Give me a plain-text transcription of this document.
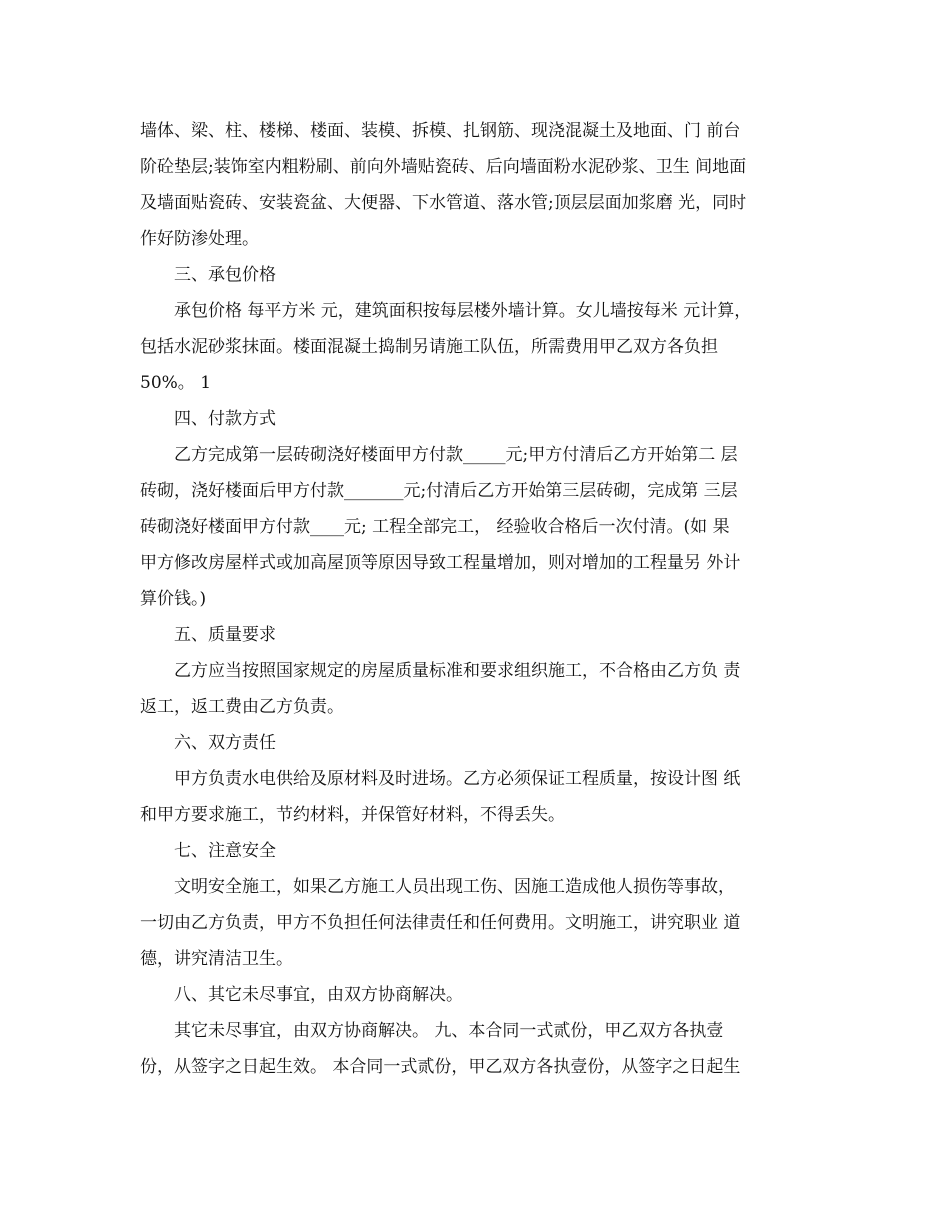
墙体、梁、柱、楼梯、楼面、装模、拆模、扎钢筋、现浇混凝土及地面、门 前台
阶砼垫层;装饰室内粗粉刷、前向外墙贴瓷砖、后向墙面粉水泥砂浆、卫生 间地面
及墙面贴瓷砖、安装瓷盆、大便器、下水管道、落水管;顶层层面加浆磨 光，同时
作好防渗处理。

三、承包价格

承包价格 每平方米 元，建筑面积按每层楼外墙计算。女儿墙按每米 元计算，
包括水泥砂浆抹面。楼面混凝土捣制另请施工队伍，所需费用甲乙双方各负担
50%。 1

四、付款方式

乙方完成第一层砖砌浇好楼面甲方付款_____元;甲方付清后乙方开始第二 层
砖砌，浇好楼面后甲方付款_______元;付清后乙方开始第三层砖砌，完成第 三层
砖砌浇好楼面甲方付款____元; 工程全部完工， 经验收合格后一次付清。(如 果
甲方修改房屋样式或加高屋顶等原因导致工程量增加，则对增加的工程量另 外计
算价钱。)

五、质量要求

乙方应当按照国家规定的房屋质量标准和要求组织施工，不合格由乙方负 责
返工，返工费由乙方负责。

六、双方责任

甲方负责水电供给及原材料及时进场。乙方必须保证工程质量，按设计图 纸
和甲方要求施工，节约材料，并保管好材料，不得丢失。

七、注意安全

文明安全施工，如果乙方施工人员出现工伤、因施工造成他人损伤等事故，
一切由乙方负责，甲方不负担任何法律责任和任何费用。文明施工，讲究职业 道
德，讲究清洁卫生。

八、其它未尽事宜，由双方协商解决。

其它未尽事宜，由双方协商解决。 九、本合同一式贰份，甲乙双方各执壹
份，从签字之日起生效。 本合同一式贰份，甲乙双方各执壹份，从签字之日起生
